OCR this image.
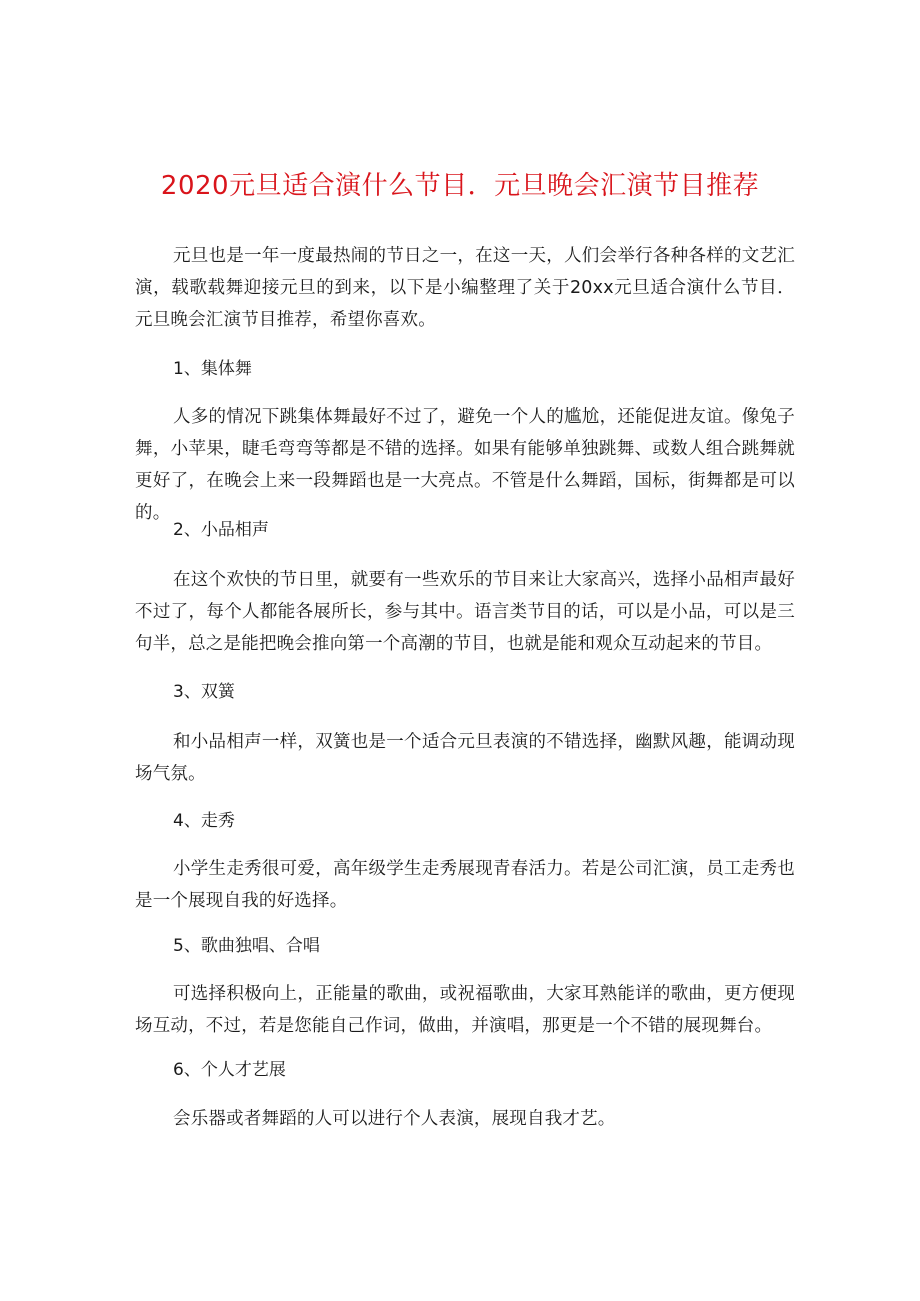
2020元旦适合演什么节目．元旦晚会汇演节目推荐

元旦也是一年一度最热闹的节日之一，在这一天，人们会举行各种各样的文艺汇演，载歌载舞迎接元旦的到来，以下是小编整理了关于20xx元旦适合演什么节目．元旦晚会汇演节目推荐，希望你喜欢。

1、集体舞

人多的情况下跳集体舞最好不过了，避免一个人的尴尬，还能促进友谊。像兔子舞，小苹果，睫毛弯弯等都是不错的选择。如果有能够单独跳舞、或数人组合跳舞就更好了，在晚会上来一段舞蹈也是一大亮点。不管是什么舞蹈，国标，街舞都是可以的。

2、小品相声

在这个欢快的节日里，就要有一些欢乐的节目来让大家高兴，选择小品相声最好不过了，每个人都能各展所长，参与其中。语言类节目的话，可以是小品，可以是三句半，总之是能把晚会推向第一个高潮的节目，也就是能和观众互动起来的节目。

3、双簧

和小品相声一样，双簧也是一个适合元旦表演的不错选择，幽默风趣，能调动现场气氛。

4、走秀

小学生走秀很可爱，高年级学生走秀展现青春活力。若是公司汇演，员工走秀也是一个展现自我的好选择。

5、歌曲独唱、合唱

可选择积极向上，正能量的歌曲，或祝福歌曲，大家耳熟能详的歌曲，更方便现场互动，不过，若是您能自己作词，做曲，并演唱，那更是一个不错的展现舞台。

6、个人才艺展

会乐器或者舞蹈的人可以进行个人表演，展现自我才艺。
